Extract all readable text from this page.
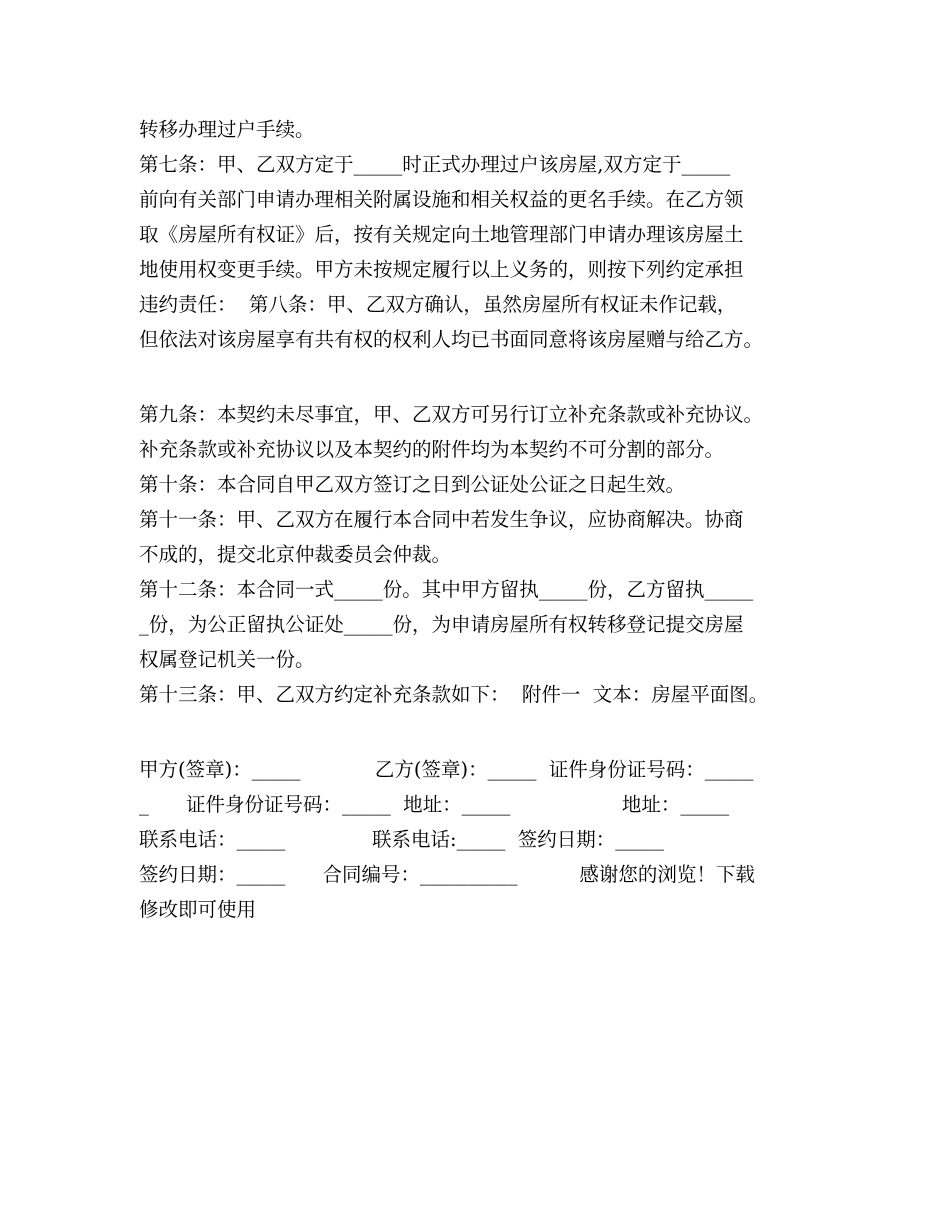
转移办理过户手续。
第七条：甲、乙双方定于_____时正式办理过户该房屋,双方定于_____
前向有关部门申请办理相关附属设施和相关权益的更名手续。在乙方领
取《房屋所有权证》后，按有关规定向土地管理部门申请办理该房屋土
地使用权变更手续。甲方未按规定履行以上义务的，则按下列约定承担
违约责任：  第八条：甲、乙双方确认，虽然房屋所有权证未作记载，
但依法对该房屋享有共有权的权利人均已书面同意将该房屋赠与给乙方。
第九条：本契约未尽事宜，甲、乙双方可另行订立补充条款或补充协议。
补充条款或补充协议以及本契约的附件均为本契约不可分割的部分。
第十条：本合同自甲乙双方签订之日到公证处公证之日起生效。
第十一条：甲、乙双方在履行本合同中若发生争议，应协商解决。协商
不成的，提交北京仲裁委员会仲裁。
第十二条：本合同一式_____份。其中甲方留执_____份，乙方留执_____
_份，为公正留执公证处_____份，为申请房屋所有权转移登记提交房屋
权属登记机关一份。
第十三条：甲、乙双方约定补充条款如下：  附件一  文本：房屋平面图。
甲方(签章)：_____            乙方(签章)：_____  证件身份证号码：_____
_      证件身份证号码：_____  地址：_____                  地址：_____
联系电话：_____              联系电话:_____  签约日期：_____
签约日期：_____      合同编号：__________          感谢您的浏览！下载
修改即可使用
